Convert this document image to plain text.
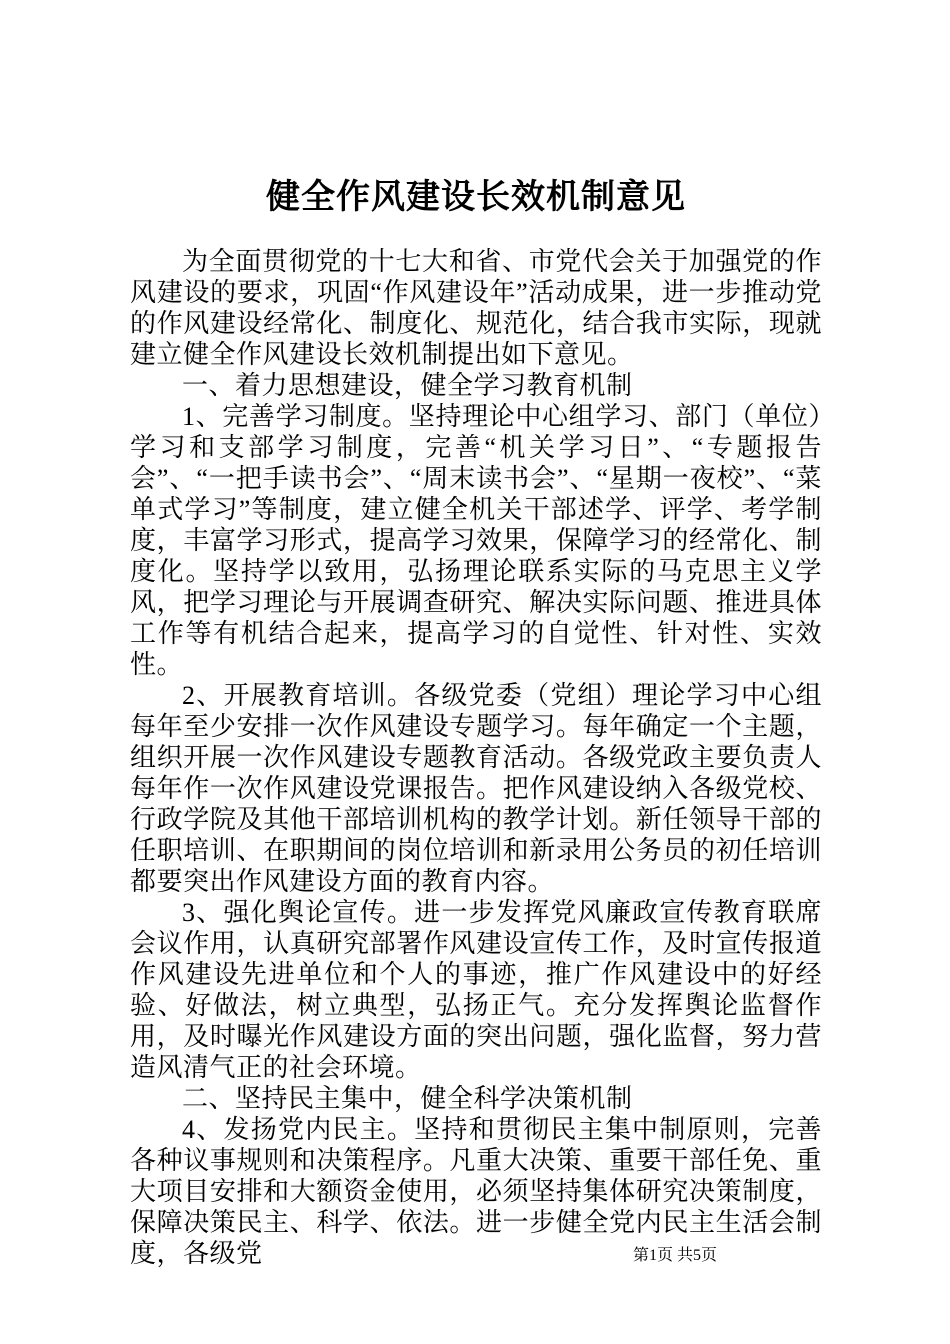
健全作风建设长效机制意见

为全面贯彻党的十七大和省、市党代会关于加强党的作风建设的要求，巩固“作风建设年”活动成果，进一步推动党的作风建设经常化、制度化、规范化，结合我市实际，现就建立健全作风建设长效机制提出如下意见。

一、着力思想建设，健全学习教育机制

1、完善学习制度。坚持理论中心组学习、部门（单位）学习和支部学习制度，完善“机关学习日”、“专题报告会”、“一把手读书会”、“周末读书会”、“星期一夜校”、“菜单式学习”等制度，建立健全机关干部述学、评学、考学制度，丰富学习形式，提高学习效果，保障学习的经常化、制度化。坚持学以致用，弘扬理论联系实际的马克思主义学风，把学习理论与开展调查研究、解决实际问题、推进具体工作等有机结合起来，提高学习的自觉性、针对性、实效性。

2、开展教育培训。各级党委（党组）理论学习中心组每年至少安排一次作风建设专题学习。每年确定一个主题，组织开展一次作风建设专题教育活动。各级党政主要负责人每年作一次作风建设党课报告。把作风建设纳入各级党校、行政学院及其他干部培训机构的教学计划。新任领导干部的任职培训、在职期间的岗位培训和新录用公务员的初任培训都要突出作风建设方面的教育内容。

3、强化舆论宣传。进一步发挥党风廉政宣传教育联席会议作用，认真研究部署作风建设宣传工作，及时宣传报道作风建设先进单位和个人的事迹，推广作风建设中的好经验、好做法，树立典型，弘扬正气。充分发挥舆论监督作用，及时曝光作风建设方面的突出问题，强化监督，努力营造风清气正的社会环境。

二、坚持民主集中，健全科学决策机制

4、发扬党内民主。坚持和贯彻民主集中制原则，完善各种议事规则和决策程序。凡重大决策、重要干部任免、重大项目安排和大额资金使用，必须坚持集体研究决策制度，保障决策民主、科学、依法。进一步健全党内民主生活会制度，各级党	第1页 共5页
